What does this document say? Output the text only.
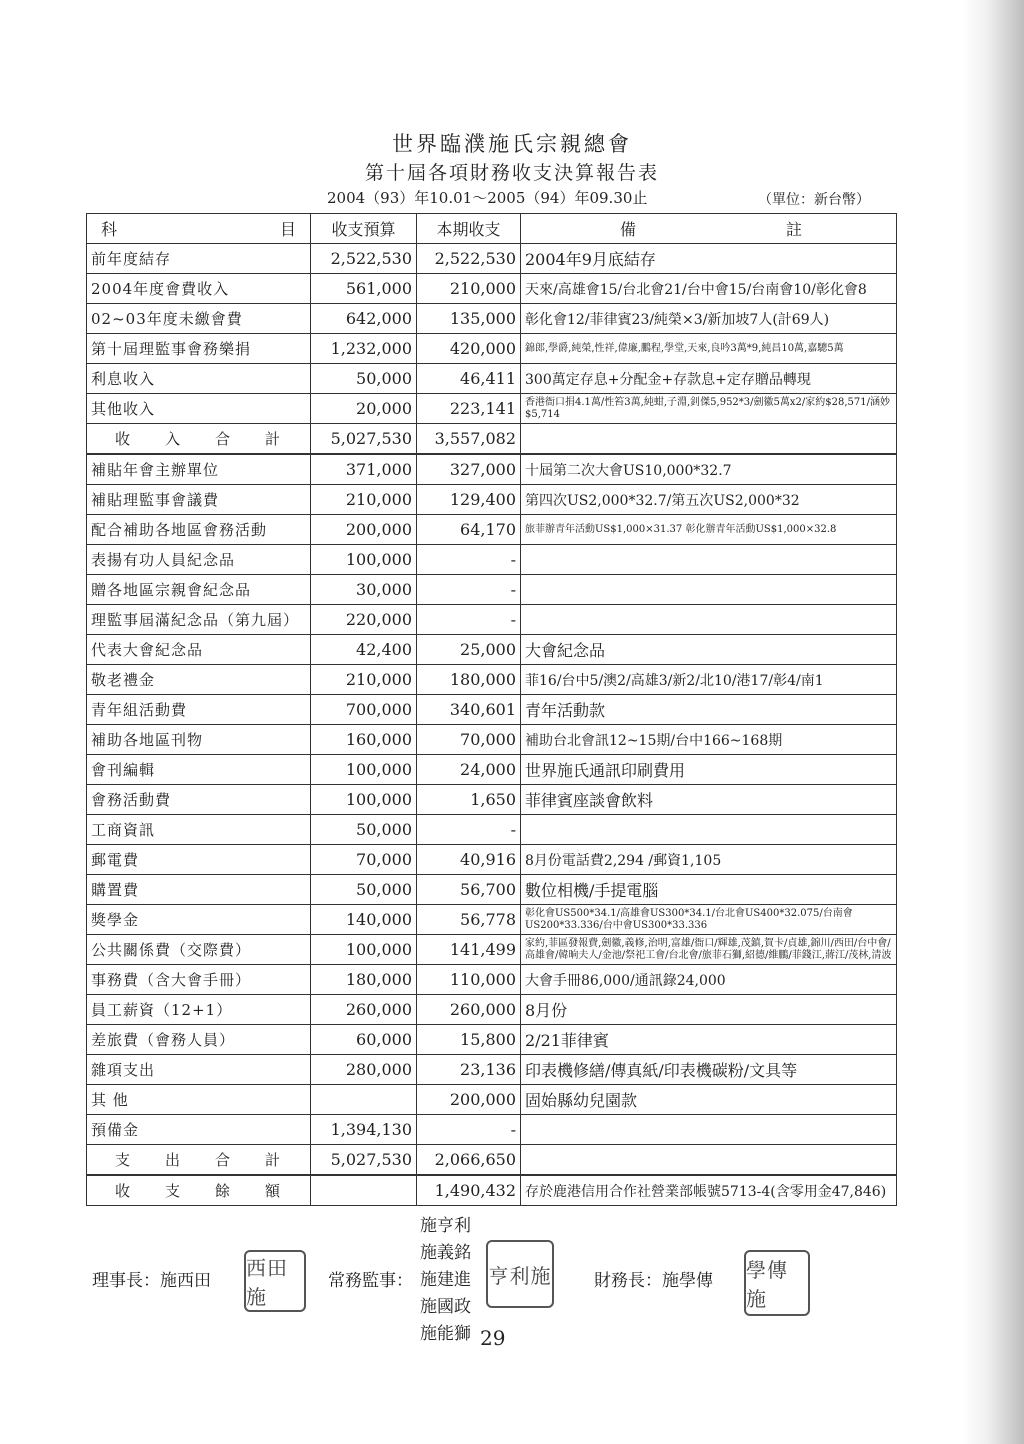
世界臨濮施氏宗親總會
第十屆各項財務收支決算報告表
2004（93）年10.01～2005（94）年09.30止	（單位：新台幣）
科 目	收支預算	本期收支	備 註

前年度結存	2,522,530	2,522,530	2004年9月底結存
2004年度會費收入	561,000	210,000	天來/高雄會15/台北會21/台中會15/台南會10/彰化會8
02~03年度未繳會費	642,000	135,000	彰化會12/菲律賓23/純榮×3/新加坡7人(計69人)
第十屆理監事會務樂捐	1,232,000	420,000	錦郎,學爵,純榮,性祥,偉廉,鵬程,學堂,天來,良吟3萬*9,純昌10萬,嘉驄5萬
利息收入	50,000	46,411	300萬定存息+分配金+存款息+定存贈品轉現
其他收入	20,000	223,141	香港衙口捐4.1萬/性笞3萬,純蚶,子淵,釗傑5,952*3/劍徽5萬x2/家約$28,571/涵妙$5,714

收 入 合 計	5,027,530	3,557,082	
補貼年會主辦單位	371,000	327,000	十屆第二次大會US10,000*32.7
補貼理監事會議費	210,000	129,400	第四次US2,000*32.7/第五次US2,000*32
配合補助各地區會務活動	200,000	64,170	旅菲辦青年活動US$1,000×31.37 彰化辦青年活動US$1,000×32.8
表揚有功人員紀念品	100,000	-	
贈各地區宗親會紀念品	30,000	-	
理監事屆滿紀念品（第九屆）	220,000	-	
代表大會紀念品	42,400	25,000	大會紀念品
敬老禮金	210,000	180,000	菲16/台中5/澳2/高雄3/新2/北10/港17/彰4/南1
青年組活動費	700,000	340,601	青年活動款
補助各地區刊物	160,000	70,000	補助台北會訊12~15期/台中166~168期
會刊編輯	100,000	24,000	世界施氏通訊印刷費用
會務活動費	100,000	1,650	菲律賓座談會飲料
工商資訊	50,000	-	
郵電費	70,000	40,916	8月份電話費2,294 /郵資1,105
購置費	50,000	56,700	數位相機/手提電腦
獎學金	140,000	56,778	彰化會US500*34.1/高雄會US300*34.1/台北會US400*32.075/台南會US200*33.336/台中會US300*33.336
公共關係費（交際費）	100,000	141,499	家約,菲區發報費,劍徽,義修,治明,富雄/衙口/輝雄,茂鎮,賀卡/貞雄,錦川/西田/台中會/高雄會/韓晌夫人/金池/祭祀工會/台北會/旅菲石獅,紹德/維鵬/菲錢江,蔣江/茂林,清波
事務費（含大會手冊）	180,000	110,000	大會手冊86,000/通訊錄24,000
員工薪資（12+1）	260,000	260,000	8月份
差旅費（會務人員）	60,000	15,800	2/21菲律賓
雜項支出	280,000	23,136	印表機修繕/傳真紙/印表機碳粉/文具等
其 他		200,000	固始縣幼兒園款
預備金	1,394,130	-	

支 出 合 計	5,027,530	2,066,650	

收 支 餘 額		1,490,432	存於鹿港信用合作社營業部帳號5713-4(含零用金47,846)
理事長：施西田
西田施
常務監事：
施亨利
施義銘
施建進
施國政
施能獅
亨利施	財務長：施學傳 學傳施
29
